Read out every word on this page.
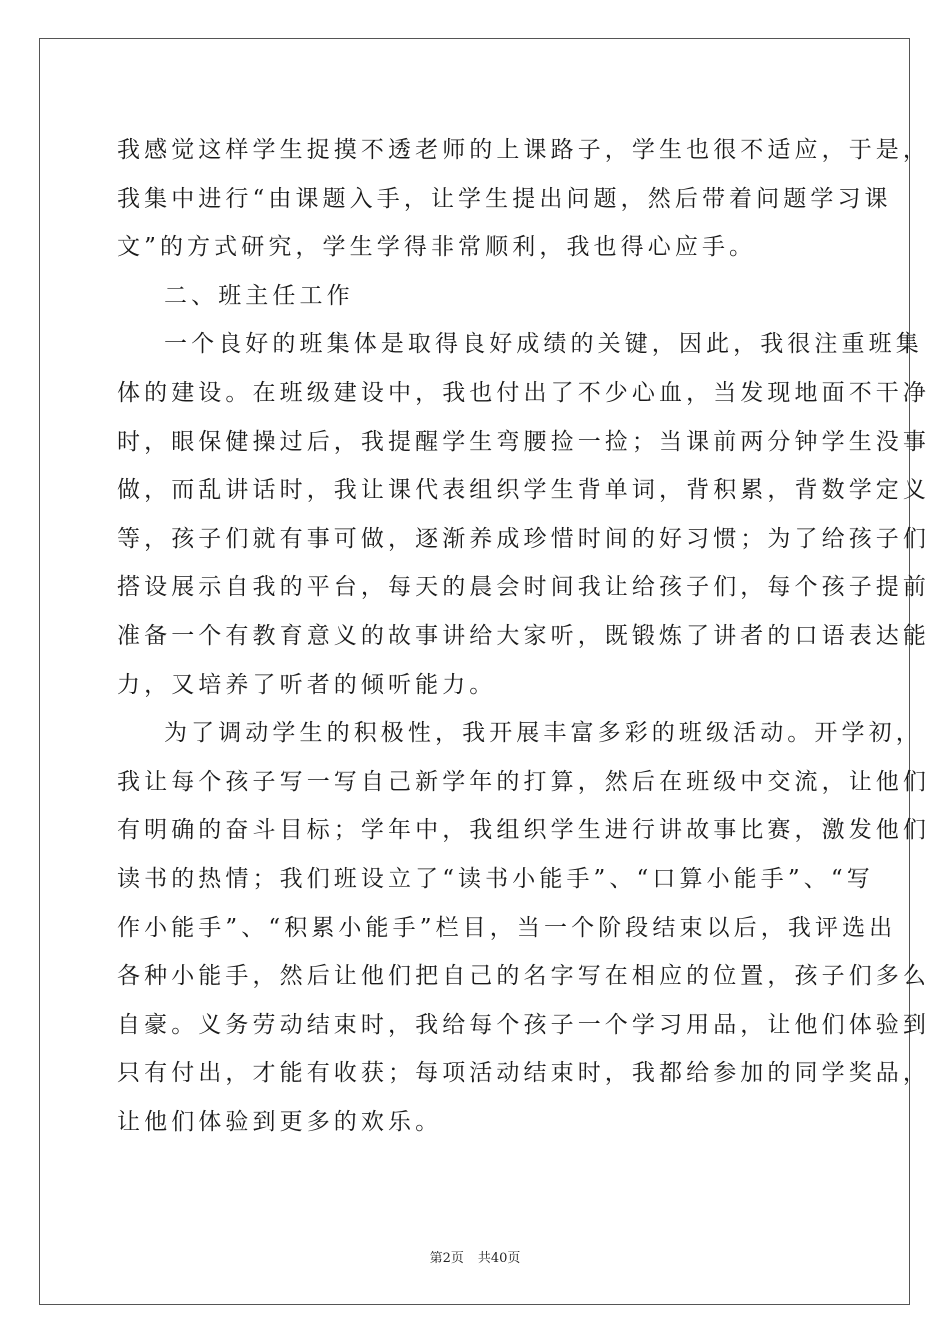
我感觉这样学生捉摸不透老师的上课路子，学生也很不适应，于是，
我集中进行“由课题入手，让学生提出问题，然后带着问题学习课
文”的方式研究，学生学得非常顺利，我也得心应手。
二、班主任工作
一个良好的班集体是取得良好成绩的关键，因此，我很注重班集
体的建设。在班级建设中，我也付出了不少心血，当发现地面不干净
时，眼保健操过后，我提醒学生弯腰捡一捡；当课前两分钟学生没事
做，而乱讲话时，我让课代表组织学生背单词，背积累，背数学定义
等，孩子们就有事可做，逐渐养成珍惜时间的好习惯；为了给孩子们
搭设展示自我的平台，每天的晨会时间我让给孩子们，每个孩子提前
准备一个有教育意义的故事讲给大家听，既锻炼了讲者的口语表达能
力，又培养了听者的倾听能力。
为了调动学生的积极性，我开展丰富多彩的班级活动。开学初，
我让每个孩子写一写自己新学年的打算，然后在班级中交流，让他们
有明确的奋斗目标；学年中，我组织学生进行讲故事比赛，激发他们
读书的热情；我们班设立了“读书小能手”、“口算小能手”、“写
作小能手”、“积累小能手”栏目，当一个阶段结束以后，我评选出
各种小能手，然后让他们把自己的名字写在相应的位置，孩子们多么
自豪。义务劳动结束时，我给每个孩子一个学习用品，让他们体验到
只有付出，才能有收获；每项活动结束时，我都给参加的同学奖品，
让他们体验到更多的欢乐。
第2页 共40页
